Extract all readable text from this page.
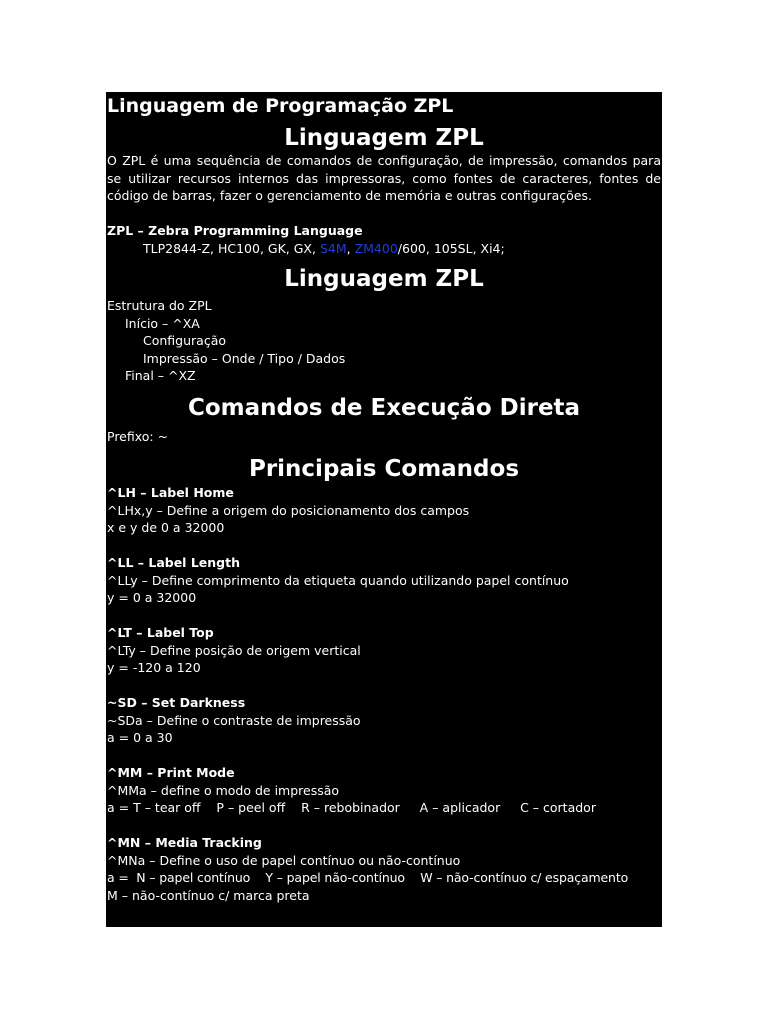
Linguagem de Programação ZPL

Linguagem ZPL

O ZPL é uma sequência de comandos de configuração, de impressão, comandos para se utilizar recursos internos das impressoras, como fontes de caracteres, fontes de código de barras, fazer o gerenciamento de memória e outras configurações.

ZPL – Zebra Programming Language

TLP2844-Z, HC100, GK, GX, S4M, ZM400/600, 105SL, Xi4;

Linguagem ZPL

Estrutura do ZPL

Início – ^XA

Configuração

Impressão – Onde / Tipo / Dados

Final – ^XZ

Comandos de Execução Direta

Prefixo: ~

Principais Comandos

^LH – Label Home

^LHx,y – Define a origem do posicionamento dos campos

x e y de 0 a 32000

^LL – Label Length

^LLy – Define comprimento da etiqueta quando utilizando papel contínuo

y = 0 a 32000

^LT – Label Top

^LTy – Define posição de origem vertical

y = -120 a 120

~SD – Set Darkness

~SDa – Define o contraste de impressão

a = 0 a 30

^MM – Print Mode

^MMa – define o modo de impressão

a = T – tear off    P – peel off    R – rebobinador     A – aplicador     C – cortador

^MN – Media Tracking

^MNa – Define o uso de papel contínuo ou não-contínuo

a =  N – papel contínuo    Y – papel não-contínuo    W – não-contínuo c/ espaçamento

M – não-contínuo c/ marca preta
